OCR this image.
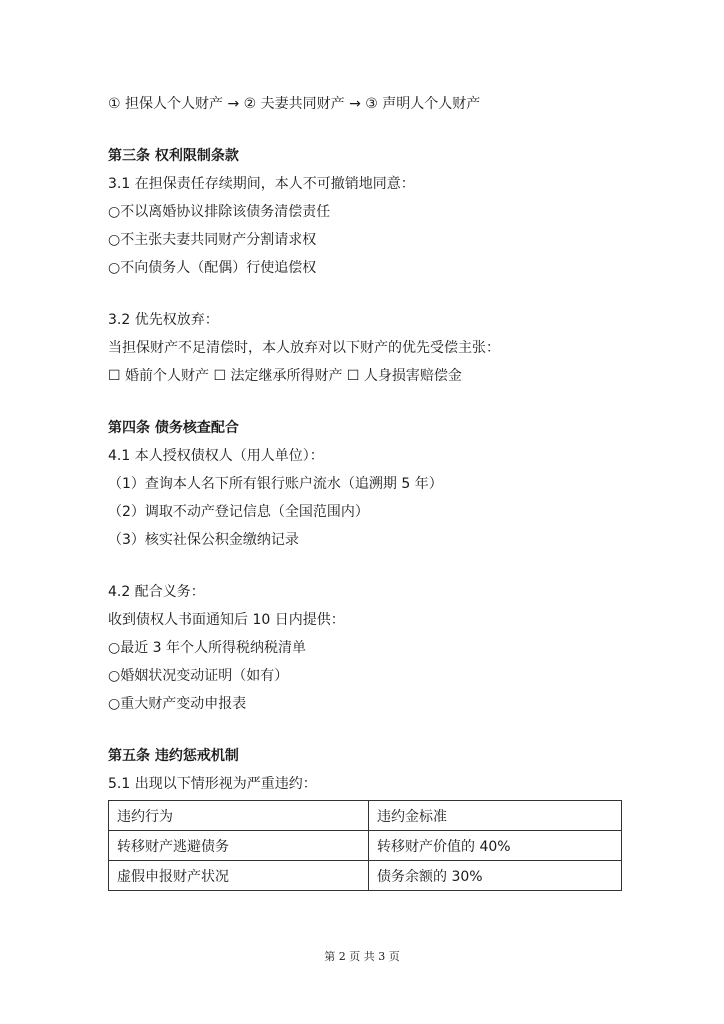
① 担保人个人财产 → ② 夫妻共同财产 → ③ 声明人个人财产
第三条 权利限制条款
3.1 在担保责任存续期间，本人不可撤销地同意：
○不以离婚协议排除该债务清偿责任
○不主张夫妻共同财产分割请求权
○不向债务人（配偶）行使追偿权
3.2 优先权放弃：
当担保财产不足清偿时，本人放弃对以下财产的优先受偿主张：
☐ 婚前个人财产 ☐ 法定继承所得财产 ☐ 人身损害赔偿金
第四条 债务核查配合
4.1 本人授权债权人（用人单位）：
（1）查询本人名下所有银行账户流水（追溯期 5 年）
（2）调取不动产登记信息（全国范围内）
（3）核实社保公积金缴纳记录
4.2 配合义务：
收到债权人书面通知后 10 日内提供：
○最近 3 年个人所得税纳税清单
○婚姻状况变动证明（如有）
○重大财产变动申报表
第五条 违约惩戒机制
5.1 出现以下情形视为严重违约：
违约行为	违约金标准
转移财产逃避债务	转移财产价值的 40%
虚假申报财产状况	债务余额的 30%
第 2 页 共 3 页
